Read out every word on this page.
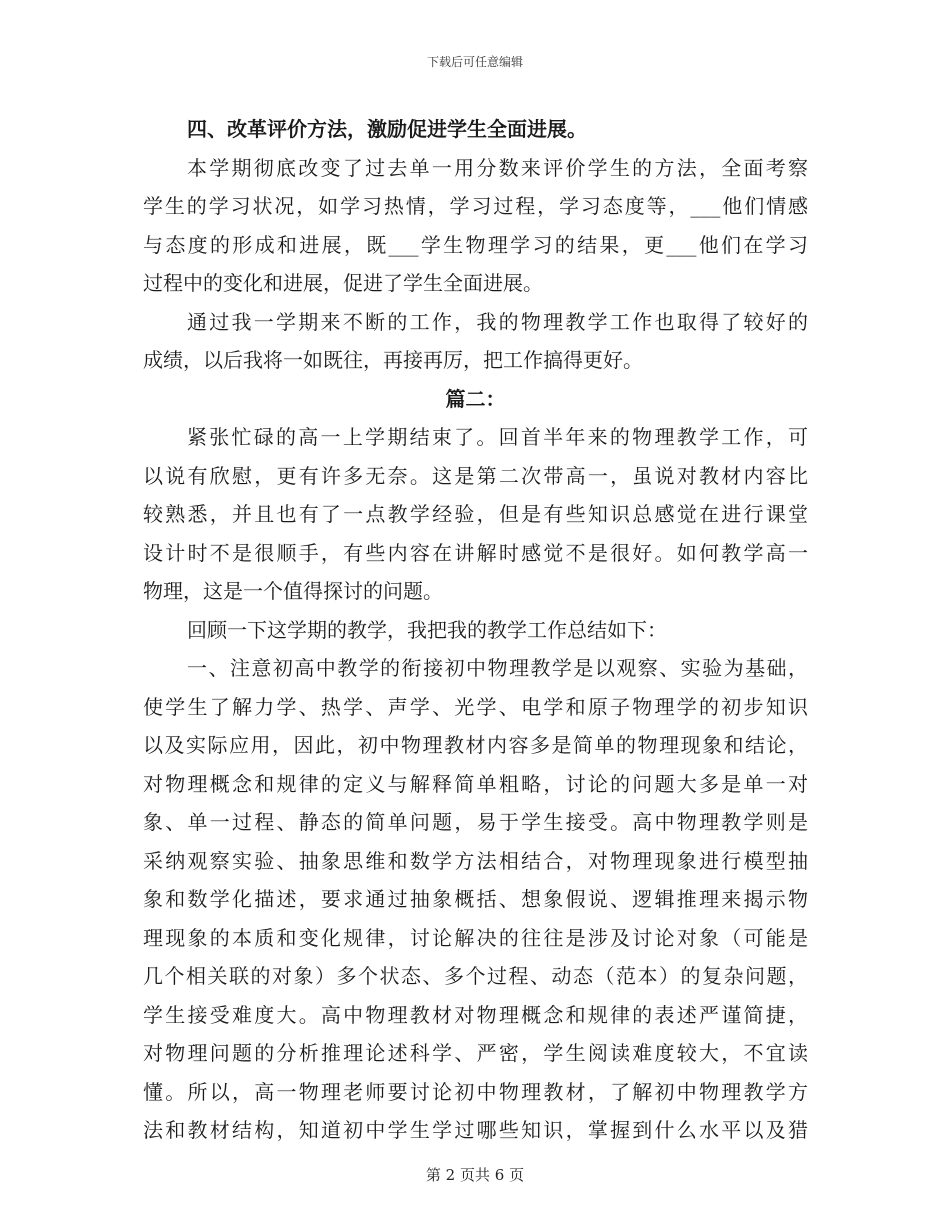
下载后可任意编辑
四、改革评价方法，激励促进学生全面进展。
本学期彻底改变了过去单一用分数来评价学生的方法，全面考察
学生的学习状况，如学习热情，学习过程，学习态度等，___他们情感
与态度的形成和进展，既___学生物理学习的结果，更___他们在学习
过程中的变化和进展，促进了学生全面进展。
通过我一学期来不断的工作，我的物理教学工作也取得了较好的
成绩，以后我将一如既往，再接再厉，把工作搞得更好。
篇二：
紧张忙碌的高一上学期结束了。回首半年来的物理教学工作，可
以说有欣慰，更有许多无奈。这是第二次带高一，虽说对教材内容比
较熟悉，并且也有了一点教学经验，但是有些知识总感觉在进行课堂
设计时不是很顺手，有些内容在讲解时感觉不是很好。如何教学高一
物理，这是一个值得探讨的问题。
回顾一下这学期的教学，我把我的教学工作总结如下：
一、注意初高中教学的衔接初中物理教学是以观察、实验为基础，
使学生了解力学、热学、声学、光学、电学和原子物理学的初步知识
以及实际应用，因此，初中物理教材内容多是简单的物理现象和结论，
对物理概念和规律的定义与解释简单粗略，讨论的问题大多是单一对
象、单一过程、静态的简单问题，易于学生接受。高中物理教学则是
采纳观察实验、抽象思维和数学方法相结合，对物理现象进行模型抽
象和数学化描述，要求通过抽象概括、想象假说、逻辑推理来揭示物
理现象的本质和变化规律，讨论解决的往往是涉及讨论对象（可能是
几个相关联的对象）多个状态、多个过程、动态（范本）的复杂问题，
学生接受难度大。高中物理教材对物理概念和规律的表述严谨简捷，
对物理问题的分析推理论述科学、严密，学生阅读难度较大，不宜读
懂。所以，高一物理老师要讨论初中物理教材，了解初中物理教学方
法和教材结构，知道初中学生学过哪些知识，掌握到什么水平以及猎
第 2 页共 6 页
